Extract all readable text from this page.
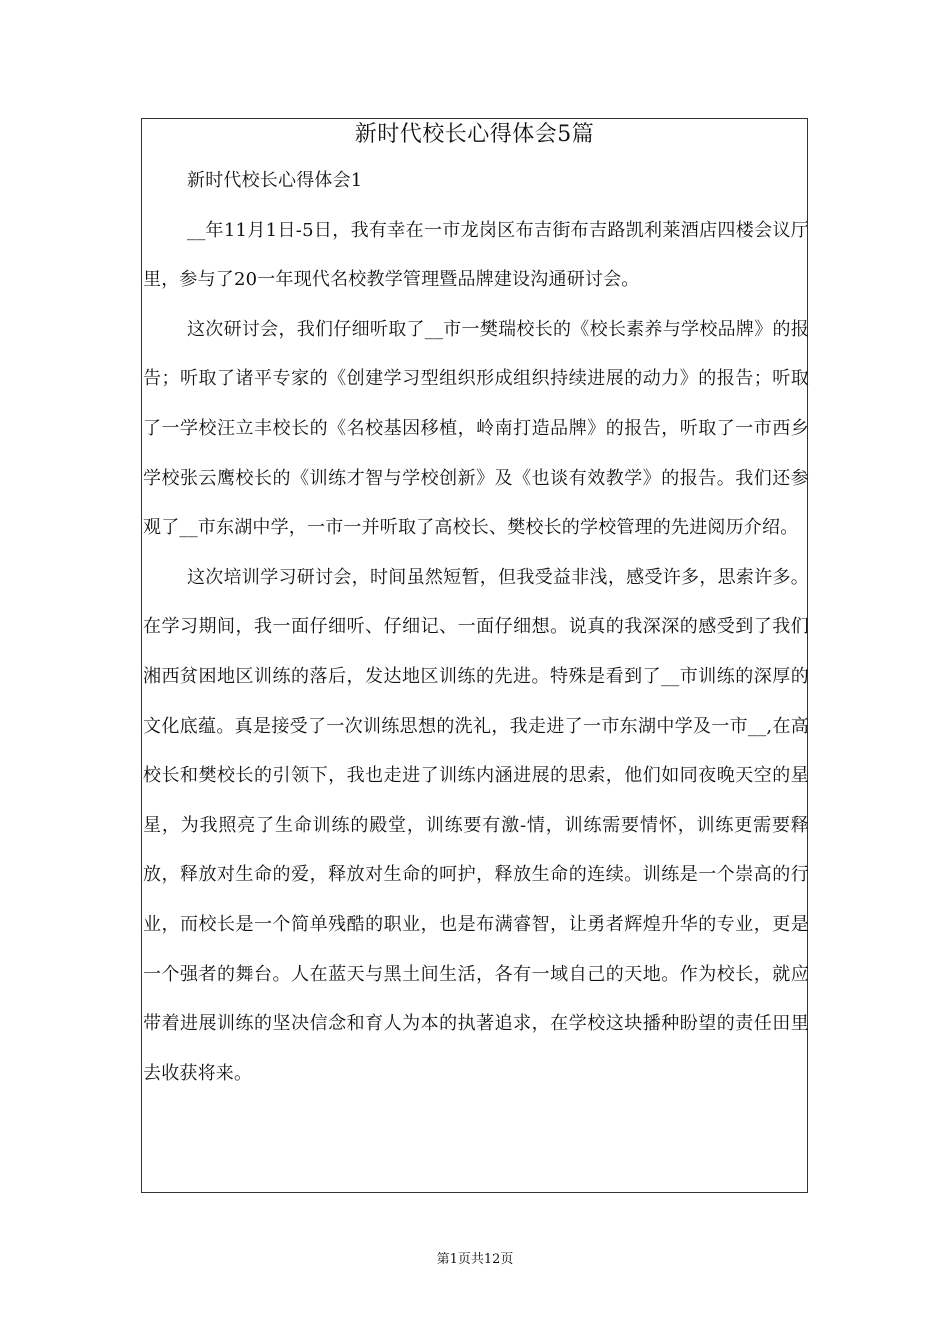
新时代校长心得体会5篇

新时代校长心得体会1

__年11月1日-5日，我有幸在一市龙岗区布吉街布吉路凯利莱酒店四楼会议厅里，参与了20一年现代名校教学管理暨品牌建设沟通研讨会。

这次研讨会，我们仔细听取了__市一樊瑞校长的《校长素养与学校品牌》的报告；听取了诸平专家的《创建学习型组织形成组织持续进展的动力》的报告；听取了一学校汪立丰校长的《名校基因移植，岭南打造品牌》的报告，听取了一市西乡学校张云鹰校长的《训练才智与学校创新》及《也谈有效教学》的报告。我们还参观了__市东湖中学，一市一并听取了高校长、樊校长的学校管理的先进阅历介绍。

这次培训学习研讨会，时间虽然短暂，但我受益非浅，感受许多，思索许多。在学习期间，我一面仔细听、仔细记、一面仔细想。说真的我深深的感受到了我们湘西贫困地区训练的落后，发达地区训练的先进。特殊是看到了__市训练的深厚的文化底蕴。真是接受了一次训练思想的洗礼，我走进了一市东湖中学及一市__,在高校长和樊校长的引领下，我也走进了训练内涵进展的思索，他们如同夜晚天空的星星，为我照亮了生命训练的殿堂，训练要有激-情，训练需要情怀，训练更需要释放，释放对生命的爱，释放对生命的呵护，释放生命的连续。训练是一个崇高的行业，而校长是一个简单残酷的职业，也是布满睿智，让勇者辉煌升华的专业，更是一个强者的舞台。人在蓝天与黑土间生活，各有一域自己的天地。作为校长，就应带着进展训练的坚决信念和育人为本的执著追求，在学校这块播种盼望的责任田里去收获将来。

第1页共12页
